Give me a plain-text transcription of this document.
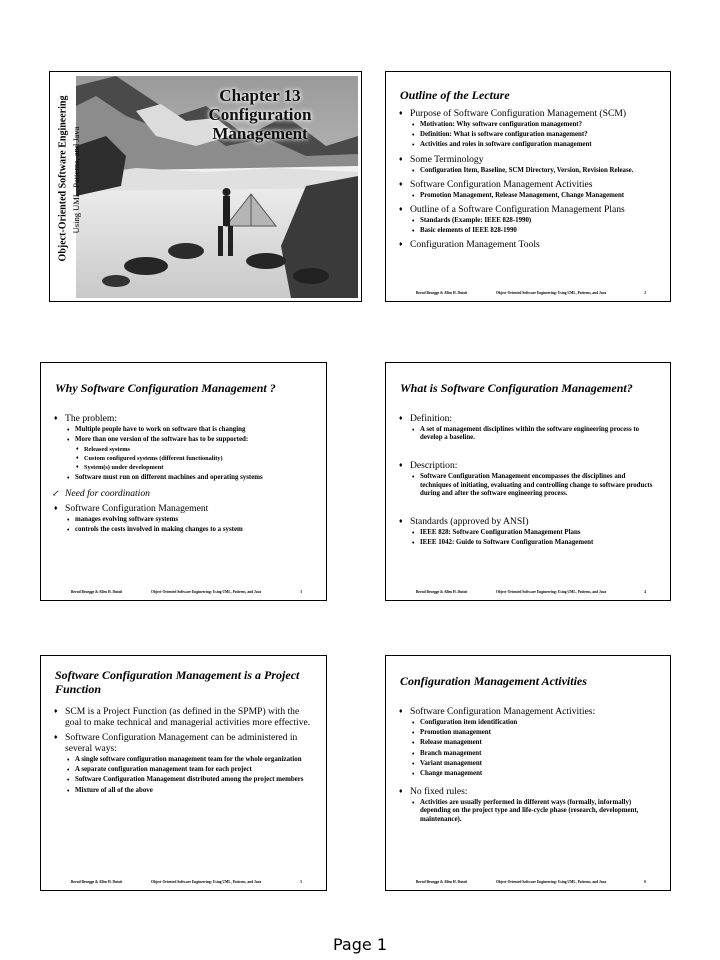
Object-Oriented Software Engineering Using UML, Patterns, and Java
Chapter 13
Configuration
Management
Outline of the Lecture
♦ Purpose of Software Configuration Management (SCM)
• Motivation: Why software configuration management?
• Definition: What is software configuration management?
• Activities and roles in software configuration management
♦ Some Terminology
• Configuration Item, Baseline, SCM Directory, Version, Revision Release.
♦ Software Configuration Management Activities
• Promotion Management, Release Management, Change Management
♦ Outline of a Software Configuration Management Plans
• Standards (Example: IEEE 828-1990)
• Basic elements of IEEE 828-1990
♦ Configuration Management Tools
Bernd Bruegge & Allen H. Dutoit	Object-Oriented Software Engineering: Using UML, Patterns, and Java	2
Why Software Configuration Management ?
♦ The problem:
• Multiple people have to work on software that is changing
• More than one version of the software has to be supported:
♦ Released systems
♦ Custom configured systems (different functionality)
♦ System(s) under development
• Software must run on different machines and operating systems
↙ Need for coordination
♦ Software Configuration Management
• manages evolving software systems
• controls the costs involved in making changes to a system
Bernd Bruegge & Allen H. Dutoit	Object-Oriented Software Engineering: Using UML, Patterns, and Java	3
What is Software Configuration Management?
♦ Definition:
• A set of management disciplines within the software engineering process to develop a baseline.
♦ Description:
• Software Configuration Management encompasses the disciplines and techniques of initiating, evaluating and controlling change to software products during and after the software engineering process.
♦ Standards (approved by ANSI)
• IEEE 828: Software Configuration Management Plans
• IEEE 1042: Guide to Software Configuration Management
Bernd Bruegge & Allen H. Dutoit	Object-Oriented Software Engineering: Using UML, Patterns, and Java	4
Software Configuration Management is a Project Function
♦ SCM is a Project Function (as defined in the SPMP) with the goal to make technical and managerial activities more effective.
♦ Software Configuration Management can be administered in several ways:
• A single software configuration management team for the whole organization
• A separate configuration management team for each project
• Software Configuration Management distributed among the project members
• Mixture of all of the above
Bernd Bruegge & Allen H. Dutoit	Object-Oriented Software Engineering: Using UML, Patterns, and Java	5
Configuration Management Activities
♦ Software Configuration Management Activities:
• Configuration item identification
• Promotion management
• Release management
• Branch management
• Variant management
• Change management
♦ No fixed rules:
• Activities are usually performed in different ways (formally, informally) depending on the project type and life-cycle phase (research, development, maintenance).
Bernd Bruegge & Allen H. Dutoit	Object-Oriented Software Engineering: Using UML, Patterns, and Java	6
Page 1
